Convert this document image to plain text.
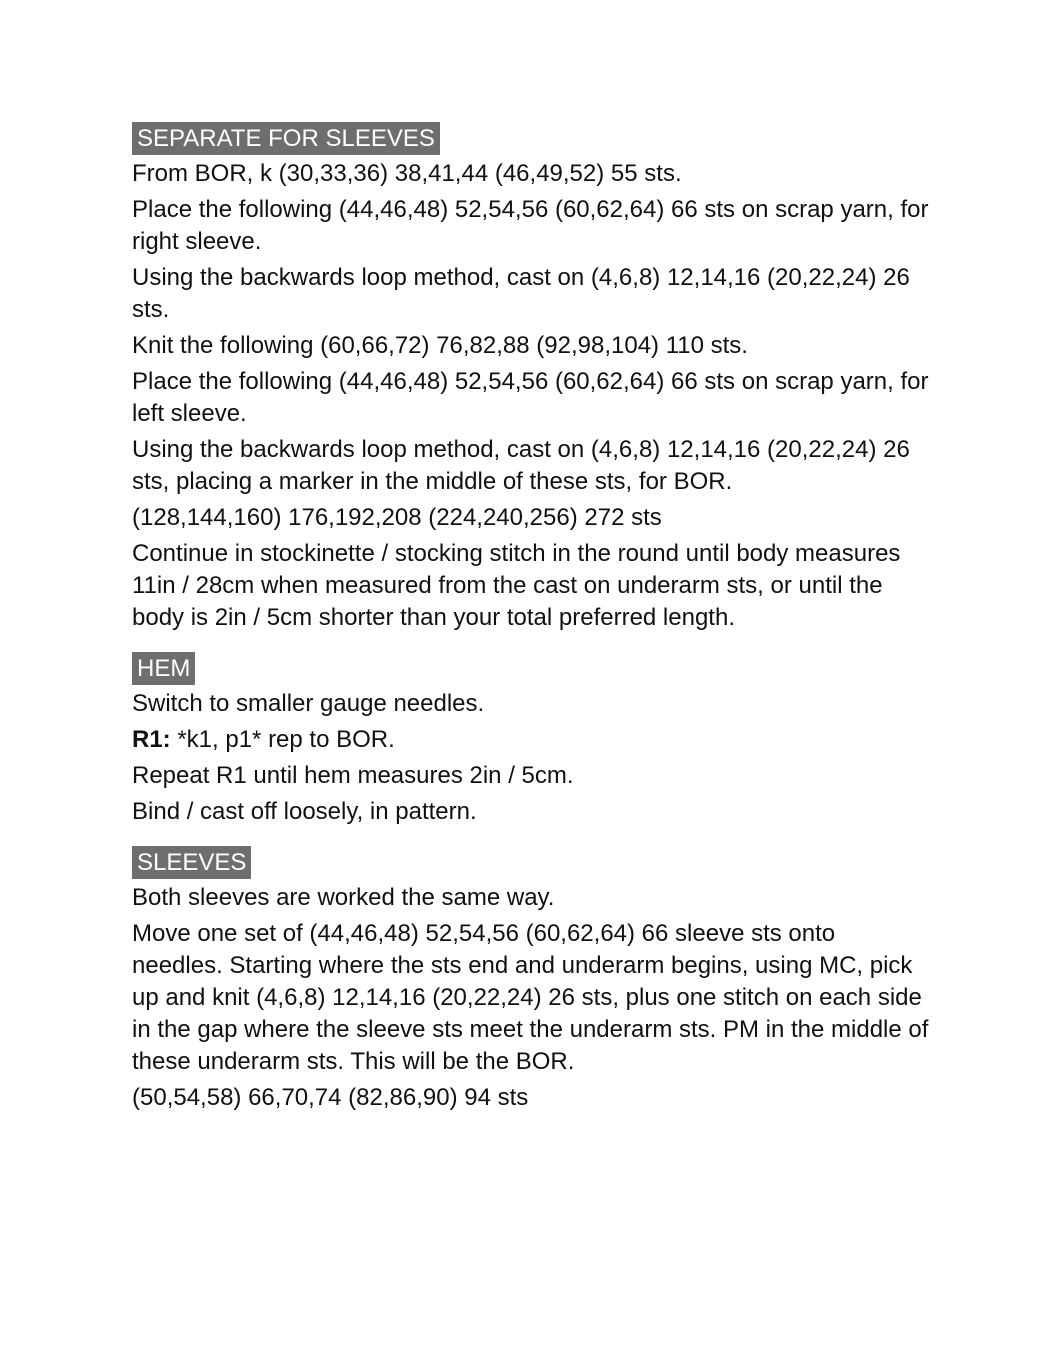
SEPARATE FOR SLEEVES

From BOR, k (30,33,36) 38,41,44 (46,49,52) 55 sts.

Place the following (44,46,48) 52,54,56 (60,62,64) 66 sts on scrap yarn, for right sleeve.

Using the backwards loop method, cast on (4,6,8) 12,14,16 (20,22,24) 26 sts.

Knit the following (60,66,72) 76,82,88 (92,98,104) 110 sts.

Place the following (44,46,48) 52,54,56 (60,62,64) 66 sts on scrap yarn, for left sleeve.

Using the backwards loop method, cast on (4,6,8) 12,14,16 (20,22,24) 26 sts, placing a marker in the middle of these sts, for BOR.

(128,144,160) 176,192,208 (224,240,256) 272 sts

Continue in stockinette / stocking stitch in the round until body measures 11in / 28cm when measured from the cast on underarm sts, or until the body is 2in / 5cm shorter than your total preferred length.

HEM

Switch to smaller gauge needles.

R1: *k1, p1* rep to BOR.

Repeat R1 until hem measures 2in / 5cm.

Bind / cast off loosely, in pattern.

SLEEVES

Both sleeves are worked the same way.

Move one set of (44,46,48) 52,54,56 (60,62,64) 66 sleeve sts onto needles. Starting where the sts end and underarm begins, using MC, pick up and knit (4,6,8) 12,14,16 (20,22,24) 26 sts, plus one stitch on each side in the gap where the sleeve sts meet the underarm sts. PM in the middle of these underarm sts. This will be the BOR.

(50,54,58) 66,70,74 (82,86,90) 94 sts
